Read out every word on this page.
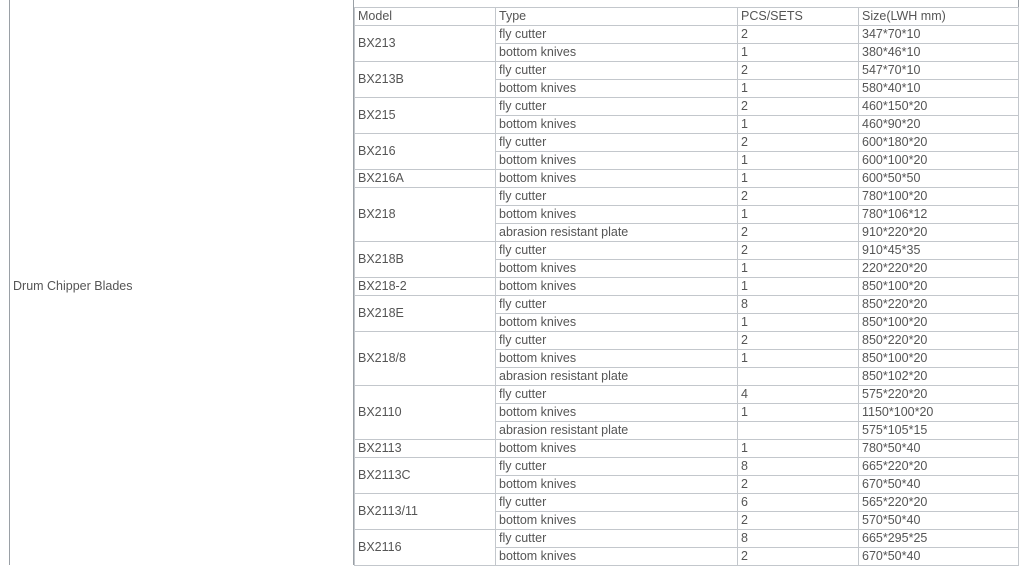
Drum Chipper Blades
Model	Type	PCS/SETS	Size(LWH mm)
BX213	fly cutter	2	347*70*10
	bottom knives	1	380*46*10
BX213B	fly cutter	2	547*70*10
	bottom knives	1	580*40*10
BX215	fly cutter	2	460*150*20
	bottom knives	1	460*90*20
BX216	fly cutter	2	600*180*20
	bottom knives	1	600*100*20
BX216A	bottom knives	1	600*50*50
BX218	fly cutter	2	780*100*20
	bottom knives	1	780*106*12
	abrasion resistant plate	2	910*220*20
BX218B	fly cutter	2	910*45*35
	bottom knives	1	220*220*20
BX218-2	bottom knives	1	850*100*20
BX218E	fly cutter	8	850*220*20
	bottom knives	1	850*100*20
BX218/8	fly cutter	2	850*220*20
	bottom knives	1	850*100*20
	abrasion resistant plate		850*102*20
BX2110	fly cutter	4	575*220*20
	bottom knives	1	1150*100*20
	abrasion resistant plate		575*105*15
BX2113	bottom knives	1	780*50*40
BX2113C	fly cutter	8	665*220*20
	bottom knives	2	670*50*40
BX2113/11	fly cutter	6	565*220*20
	bottom knives	2	570*50*40
BX2116	fly cutter	8	665*295*25
	bottom knives	2	670*50*40
